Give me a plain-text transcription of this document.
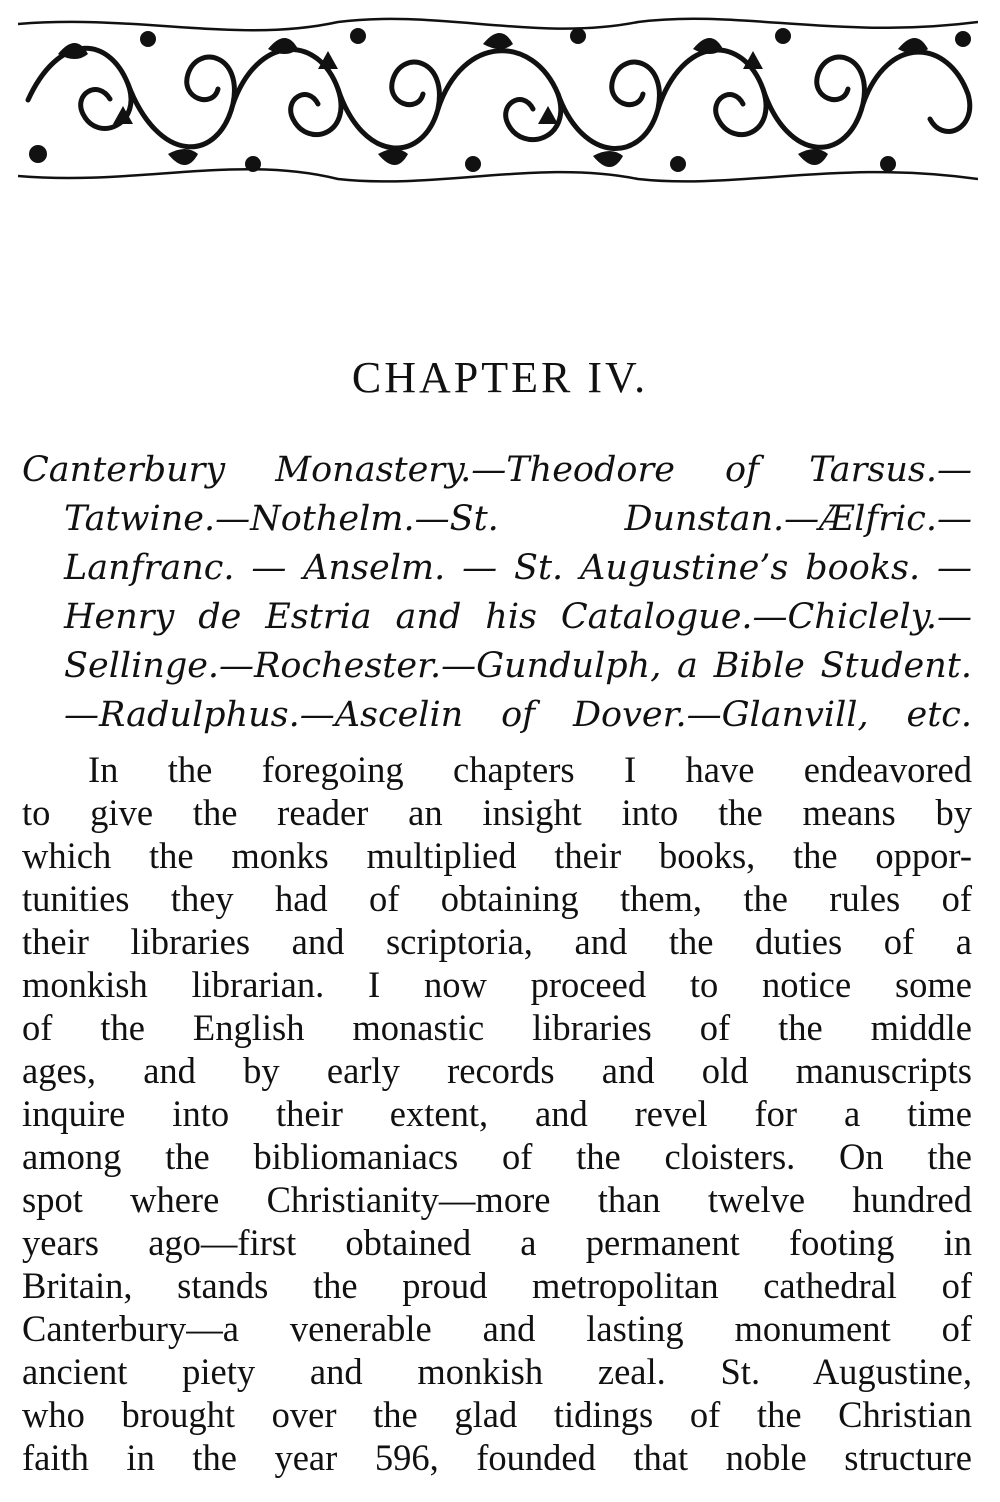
CHAPTER IV.
Canterbury Monastery.—Theodore of Tarsus.—
Tatwine.—Nothelm.—St. Dunstan.—Ælfric.—
Lanfranc. — Anselm. — St. Augustine’s books. —
Henry de Estria and his Catalogue.—Chiclely.—
Sellinge.—Rochester.—Gundulph, a Bible Student.
—Radulphus.—Ascelin of Dover.—Glanvill, etc.
In the foregoing chapters I have endeavored
to give the reader an insight into the means by
which the monks multiplied their books, the oppor-
tunities they had of obtaining them, the rules of
their libraries and scriptoria, and the duties of a
monkish librarian. I now proceed to notice some
of the English monastic libraries of the middle
ages, and by early records and old manuscripts
inquire into their extent, and revel for a time
among the bibliomaniacs of the cloisters. On the
spot where Christianity—more than twelve hundred
years ago—first obtained a permanent footing in
Britain, stands the proud metropolitan cathedral of
Canterbury—a venerable and lasting monument of
ancient piety and monkish zeal. St. Augustine,
who brought over the glad tidings of the Christian
faith in the year 596, founded that noble structure
